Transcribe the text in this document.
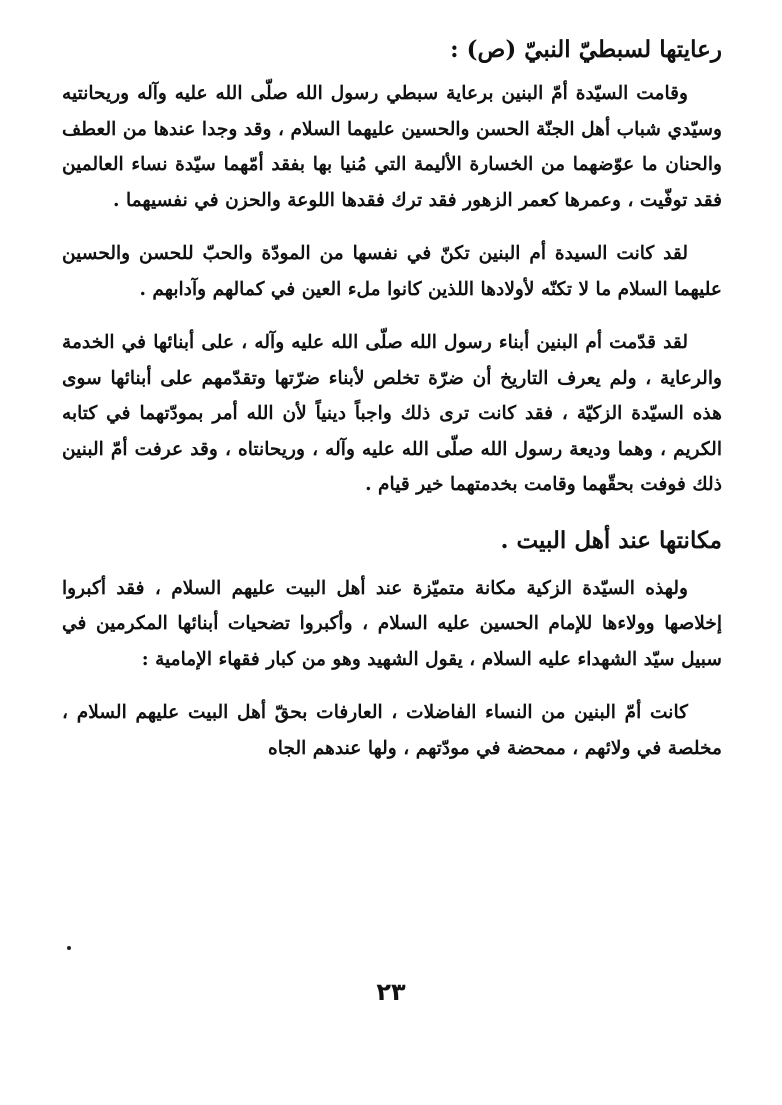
رعايتها لسبطيّ النبيّ (ص) :

وقامت السيّدة أمّ البنين برعاية سبطي رسول الله صلّى الله عليه وآله وريحانتيه وسيّدي شباب أهل الجنّة الحسن والحسين عليهما السلام ، وقد وجدا عندها من العطف والحنان ما عوّضهما من الخسارة الأليمة التي مُنيا بها بفقد أمّهما سيّدة نساء العالمين فقد توفّيت ، وعمرها كعمر الزهور فقد ترك فقدها اللوعة والحزن في نفسيهما .

لقد كانت السيدة أم البنين تكنّ في نفسها من المودّة والحبّ للحسن والحسين عليهما السلام ما لا تكنّه لأولادها اللذين كانوا ملء العين في كمالهم وآدابهم .

لقد قدّمت أم البنين أبناء رسول الله صلّى الله عليه وآله ، على أبنائها في الخدمة والرعاية ، ولم يعرف التاريخ أن ضرّة تخلص لأبناء ضرّتها وتقدّمهم على أبنائها سوى هذه السيّدة الزكيّة ، فقد كانت ترى ذلك واجباً دينياً لأن الله أمر بمودّتهما في كتابه الكريم ، وهما وديعة رسول الله صلّى الله عليه وآله ، وريحانتاه ، وقد عرفت أمّ البنين ذلك فوفت بحقّهما وقامت بخدمتهما خير قيام .

مكانتها عند أهل البيت .

ولهذه السيّدة الزكية مكانة متميّزة عند أهل البيت عليهم السلام ، فقد أكبروا إخلاصها وولاءها للإمام الحسين عليه السلام ، وأكبروا تضحيات أبنائها المكرمين في سبيل سيّد الشهداء عليه السلام ، يقول الشهيد وهو من كبار فقهاء الإمامية :

كانت أمّ البنين من النساء الفاضلات ، العارفات بحقّ أهل البيت عليهم السلام ، مخلصة في ولائهم ، ممحضة في مودّتهم ، ولها عندهم الجاه

٢٣
